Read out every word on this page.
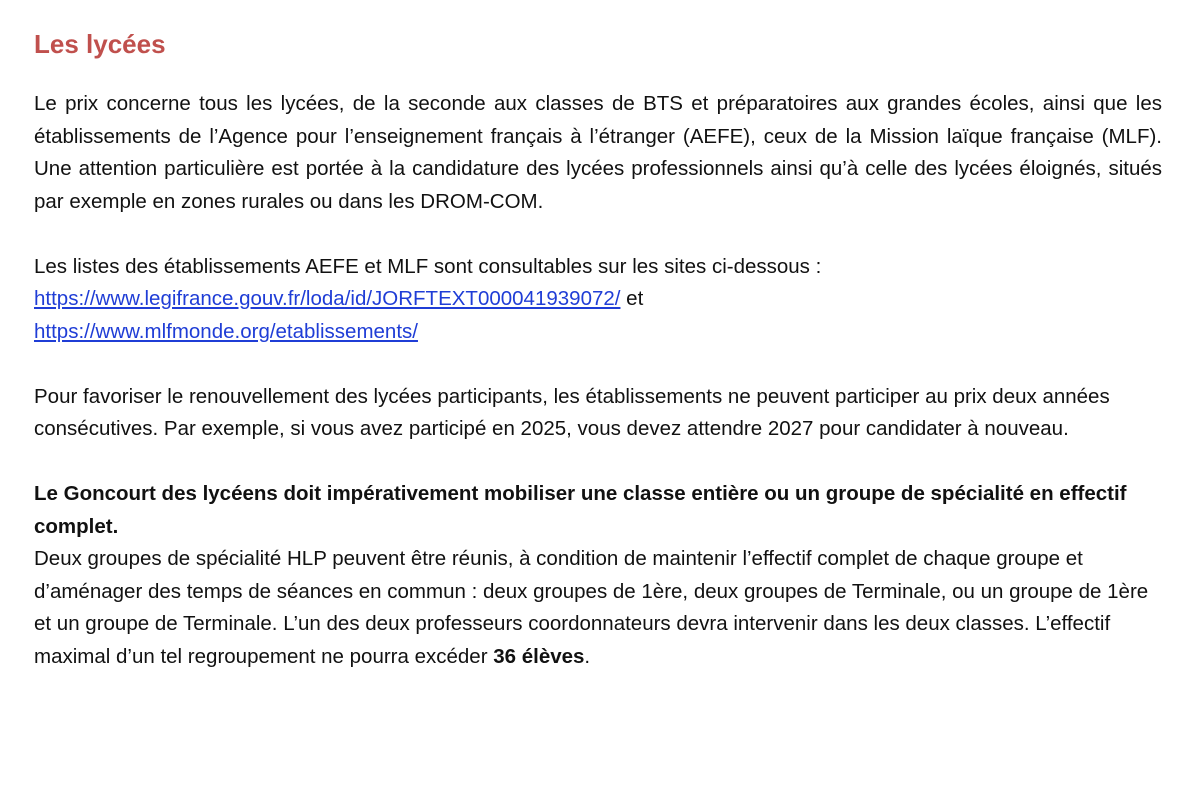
Les lycées

Le prix concerne tous les lycées, de la seconde aux classes de BTS et préparatoires aux grandes écoles, ainsi que les établissements de l’Agence pour l’enseignement français à l’étranger (AEFE), ceux de la Mission laïque française (MLF). Une attention particulière est portée à la candidature des lycées professionnels ainsi qu’à celle des lycées éloignés, situés par exemple en zones rurales ou dans les DROM-COM.

Les listes des établissements AEFE et MLF sont consultables sur les sites ci-dessous :
https://www.legifrance.gouv.fr/loda/id/JORFTEXT000041939072/ et
https://www.mlfmonde.org/etablissements/

Pour favoriser le renouvellement des lycées participants, les établissements ne peuvent participer au prix deux années consécutives. Par exemple, si vous avez participé en 2025, vous devez attendre 2027 pour candidater à nouveau.

Le Goncourt des lycéens doit impérativement mobiliser une classe entière ou un groupe de spécialité en effectif complet.

Deux groupes de spécialité HLP peuvent être réunis, à condition de maintenir l’effectif complet de chaque groupe et d’aménager des temps de séances en commun : deux groupes de 1ère, deux groupes de Terminale, ou un groupe de 1ère et un groupe de Terminale. L’un des deux professeurs coordonnateurs devra intervenir dans les deux classes. L’effectif maximal d’un tel regroupement ne pourra excéder 36 élèves.
